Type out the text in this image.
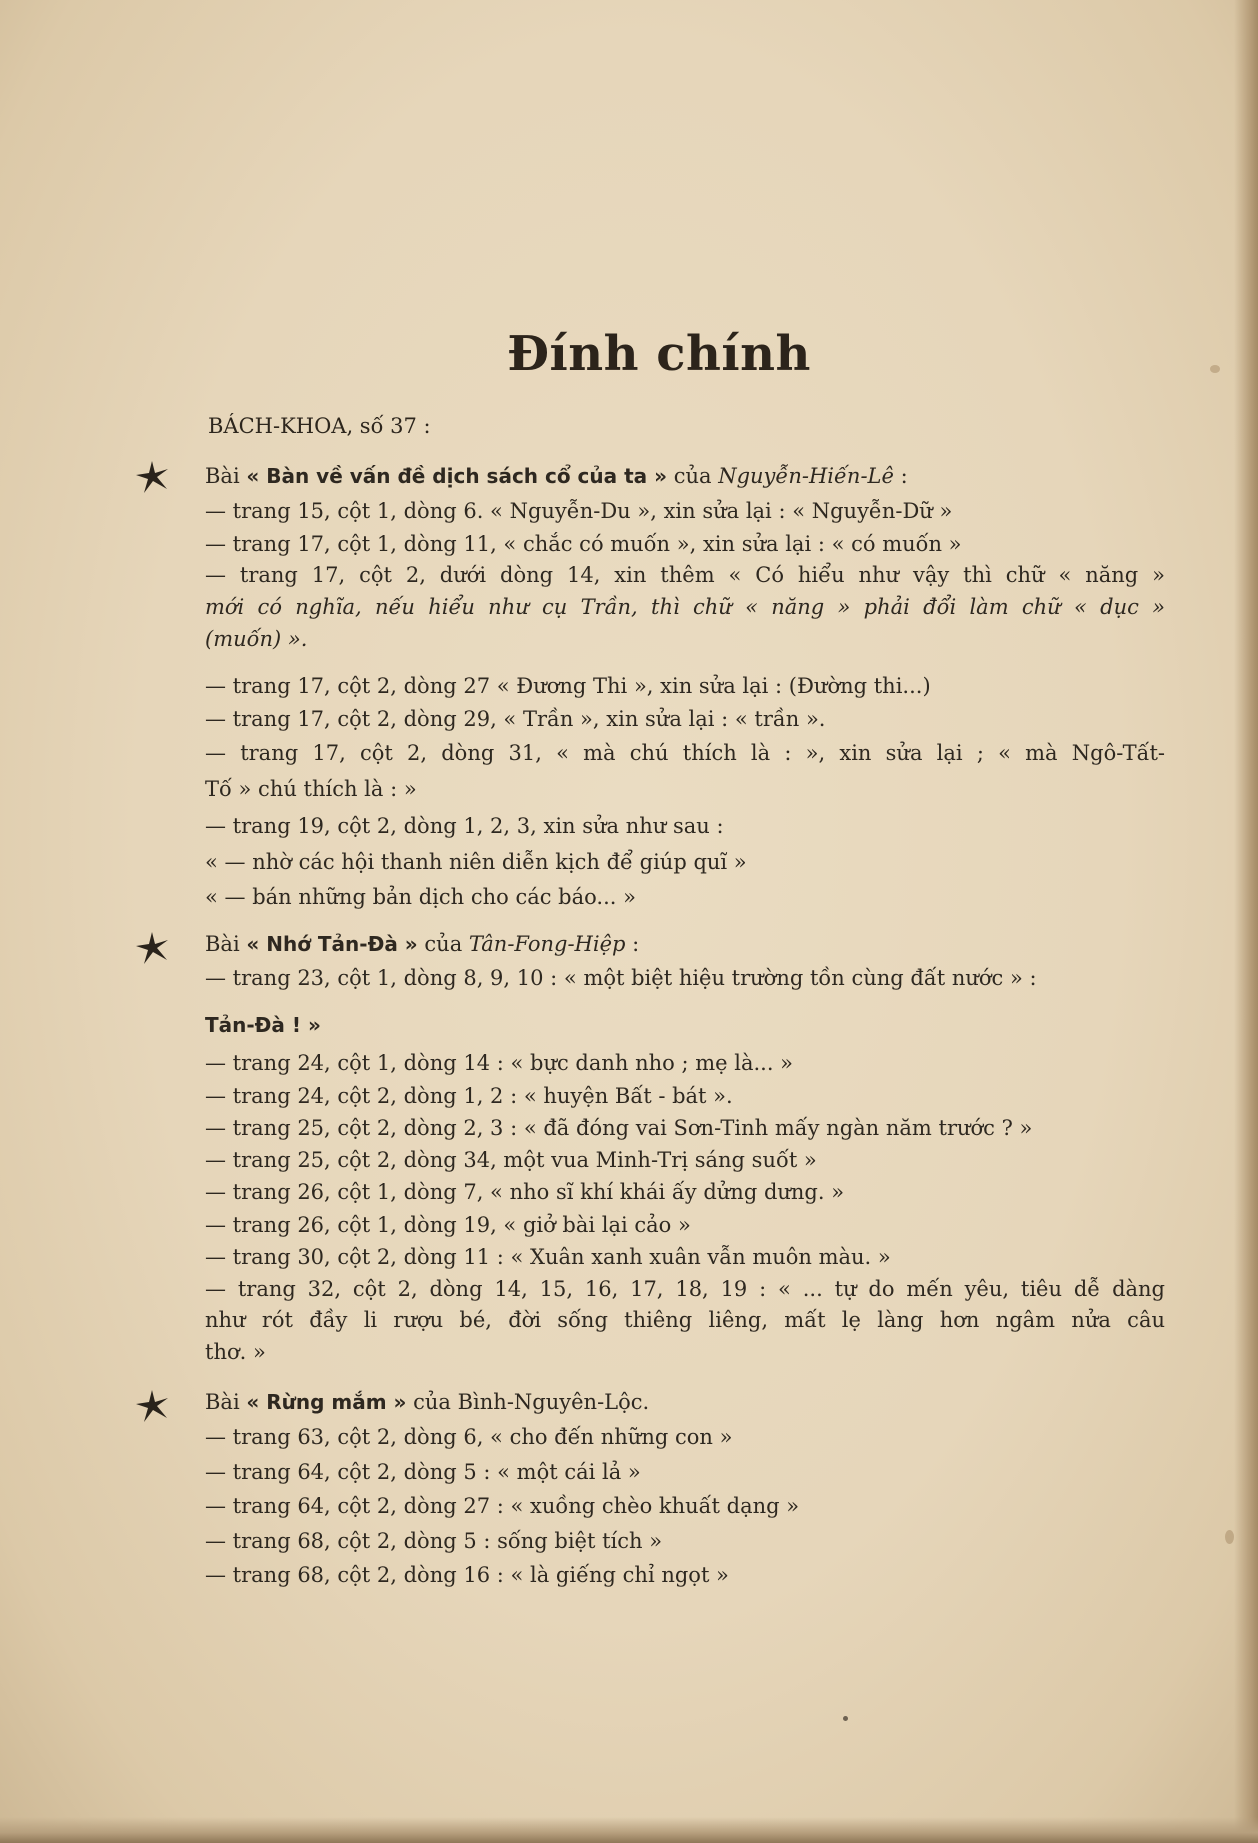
Đính chính
BÁCH-KHOA, số 37 :
Bài « Bàn về vấn đề dịch sách cổ của ta » của Nguyễn-Hiến-Lê :
— trang 15, cột 1, dòng 6. « Nguyễn-Du », xin sửa lại : « Nguyễn-Dữ »
— trang 17, cột 1, dòng 11, « chắc có muốn », xin sửa lại : « có muốn »
— trang 17, cột 2, dưới dòng 14, xin thêm « Có hiểu như vậy thì chữ « năng »
mới có nghĩa, nếu hiểu như cụ Trần, thì chữ « năng » phải đổi làm chữ « dục »
(muốn) ».
— trang 17, cột 2, dòng 27 « Đương Thi », xin sửa lại : (Đường thi...)
— trang 17, cột 2, dòng 29, « Trần », xin sửa lại : « trần ».
— trang 17, cột 2, dòng 31, « mà chú thích là : », xin sửa lại ; « mà Ngô-Tất-
Tố » chú thích là : »
— trang 19, cột 2, dòng 1, 2, 3, xin sửa như sau :
« — nhờ các hội thanh niên diễn kịch để giúp quĩ »
« — bán những bản dịch cho các báo... »
Bài « Nhớ Tản-Đà » của Tân-Fong-Hiệp :
— trang 23, cột 1, dòng 8, 9, 10 : « một biệt hiệu trường tồn cùng đất nước » :
Tản-Đà ! »
— trang 24, cột 1, dòng 14 : « bực danh nho ; mẹ là... »
— trang 24, cột 2, dòng 1, 2 : « huyện Bất - bát ».
— trang 25, cột 2, dòng 2, 3 : « đã đóng vai Sơn-Tinh mấy ngàn năm trước ? »
— trang 25, cột 2, dòng 34, một vua Minh-Trị sáng suốt »
— trang 26, cột 1, dòng 7, « nho sĩ khí khái ấy dửng dưng. »
— trang 26, cột 1, dòng 19, « giở bài lại cảo »
— trang 30, cột 2, dòng 11 : « Xuân xanh xuân vẫn muôn màu. »
— trang 32, cột 2, dòng 14, 15, 16, 17, 18, 19 : « ... tự do mến yêu, tiêu dễ dàng
như rót đầy li rượu bé, đời sống thiêng liêng, mất lẹ làng hơn ngâm nửa câu
thơ. »
Bài « Rừng mắm » của Bình-Nguyên-Lộc.
— trang 63, cột 2, dòng 6, « cho đến những con »
— trang 64, cột 2, dòng 5 : « một cái lả »
— trang 64, cột 2, dòng 27 : « xuồng chèo khuất dạng »
— trang 68, cột 2, dòng 5 : sống biệt tích »
— trang 68, cột 2, dòng 16 : « là giếng chỉ ngọt »
